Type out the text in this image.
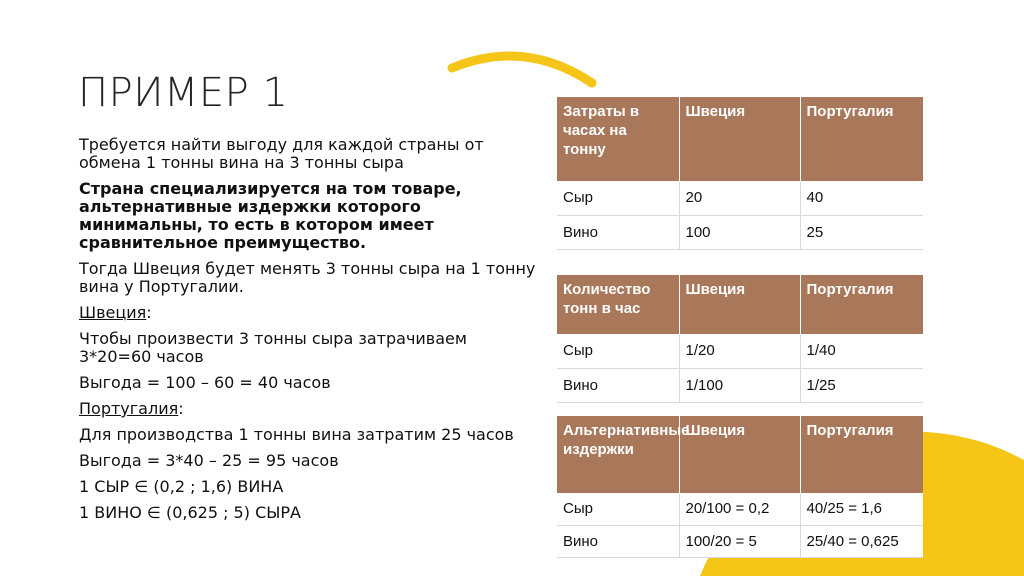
ПРИМЕР 1

Требуется найти выгоду для каждой страны от обмена 1 тонны вина на 3 тонны сыра

Страна специализируется на том товаре, альтернативные издержки которого минимальны, то есть в котором имеет сравнительное преимущество.

Тогда Швеция будет менять 3 тонны сыра на 1 тонну вина у Португалии.

Швеция:

Чтобы произвести 3 тонны сыра затрачиваем 3*20=60 часов

Выгода = 100 – 60 = 40 часов

Португалия:

Для производства 1 тонны вина затратим 25 часов

Выгода = 3*40 – 25 = 95 часов

1 СЫР ∈ (0,2 ; 1,6) ВИНА

1 ВИНО ∈ (0,625 ; 5) СЫРА

Затраты в часах на тонну	Швеция	Португалия
Сыр	20	40
Вино	100	25
Количество тонн в час	Швеция	Португалия
Сыр	1/20	1/40
Вино	1/100	1/25
Альтернативные издержки	Швеция	Португалия
Сыр	20/100 = 0,2	40/25 = 1,6
Вино	100/20 = 5	25/40 = 0,625
